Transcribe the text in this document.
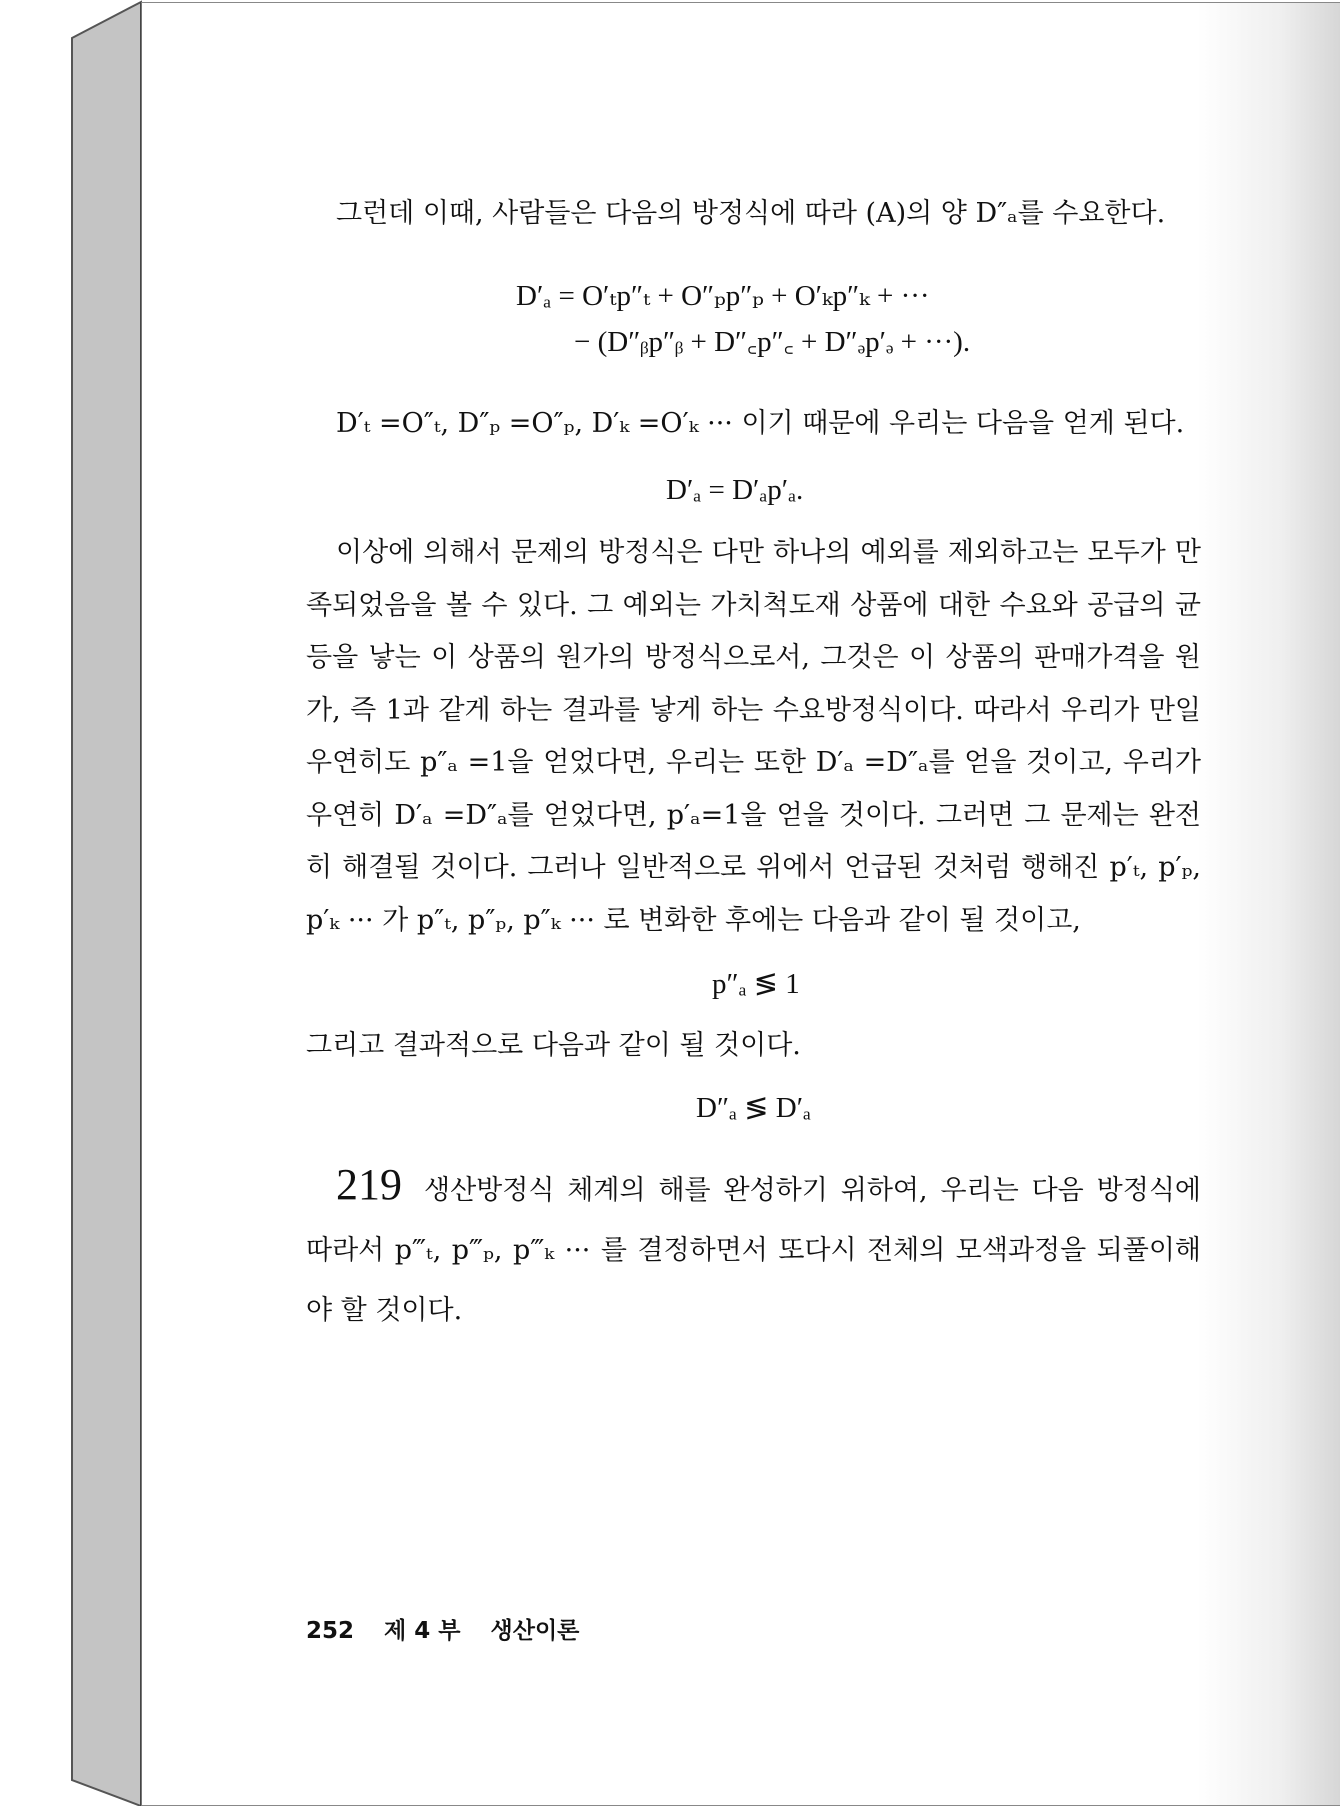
그런데 이때, 사람들은 다음의 방정식에 따라 (A)의 양 D″ₐ를 수요한다.

D′ₐ = O′ₜp″ₜ + O″ₚp″ₚ + O′ₖp″ₖ + ···
− (D″ᵦp″ᵦ + D″꜀p″꜀ + D″ₔp′ₔ + ···).

D′ₜ =O″ₜ, D″ₚ =O″ₚ, D′ₖ =O′ₖ ··· 이기 때문에 우리는 다음을 얻게 된다.

D′ₐ = D′ₐp′ₐ.

이상에 의해서 문제의 방정식은 다만 하나의 예외를 제외하고는 모두가 만족되었음을 볼 수 있다. 그 예외는 가치척도재 상품에 대한 수요와 공급의 균등을 낳는 이 상품의 원가의 방정식으로서, 그것은 이 상품의 판매가격을 원가, 즉 1과 같게 하는 결과를 낳게 하는 수요방정식이다. 따라서 우리가 만일 우연히도 p″ₐ =1을 얻었다면, 우리는 또한 D′ₐ =D″ₐ를 얻을 것이고, 우리가 우연히 D′ₐ =D″ₐ를 얻었다면, p′ₐ=1을 얻을 것이다. 그러면 그 문제는 완전히 해결될 것이다. 그러나 일반적으로 위에서 언급된 것처럼 행해진 p′ₜ, p′ₚ, p′ₖ ··· 가 p″ₜ, p″ₚ, p″ₖ ··· 로 변화한 후에는 다음과 같이 될 것이고,

p″ₐ ≶ 1

그리고 결과적으로 다음과 같이 될 것이다.

D″ₐ ≶ D′ₐ

219 생산방정식 체계의 해를 완성하기 위하여, 우리는 다음 방정식에 따라서 p‴ₜ, p‴ₚ, p‴ₖ ··· 를 결정하면서 또다시 전체의 모색과정을 되풀이해야 할 것이다.

252 제 4 부 생산이론
